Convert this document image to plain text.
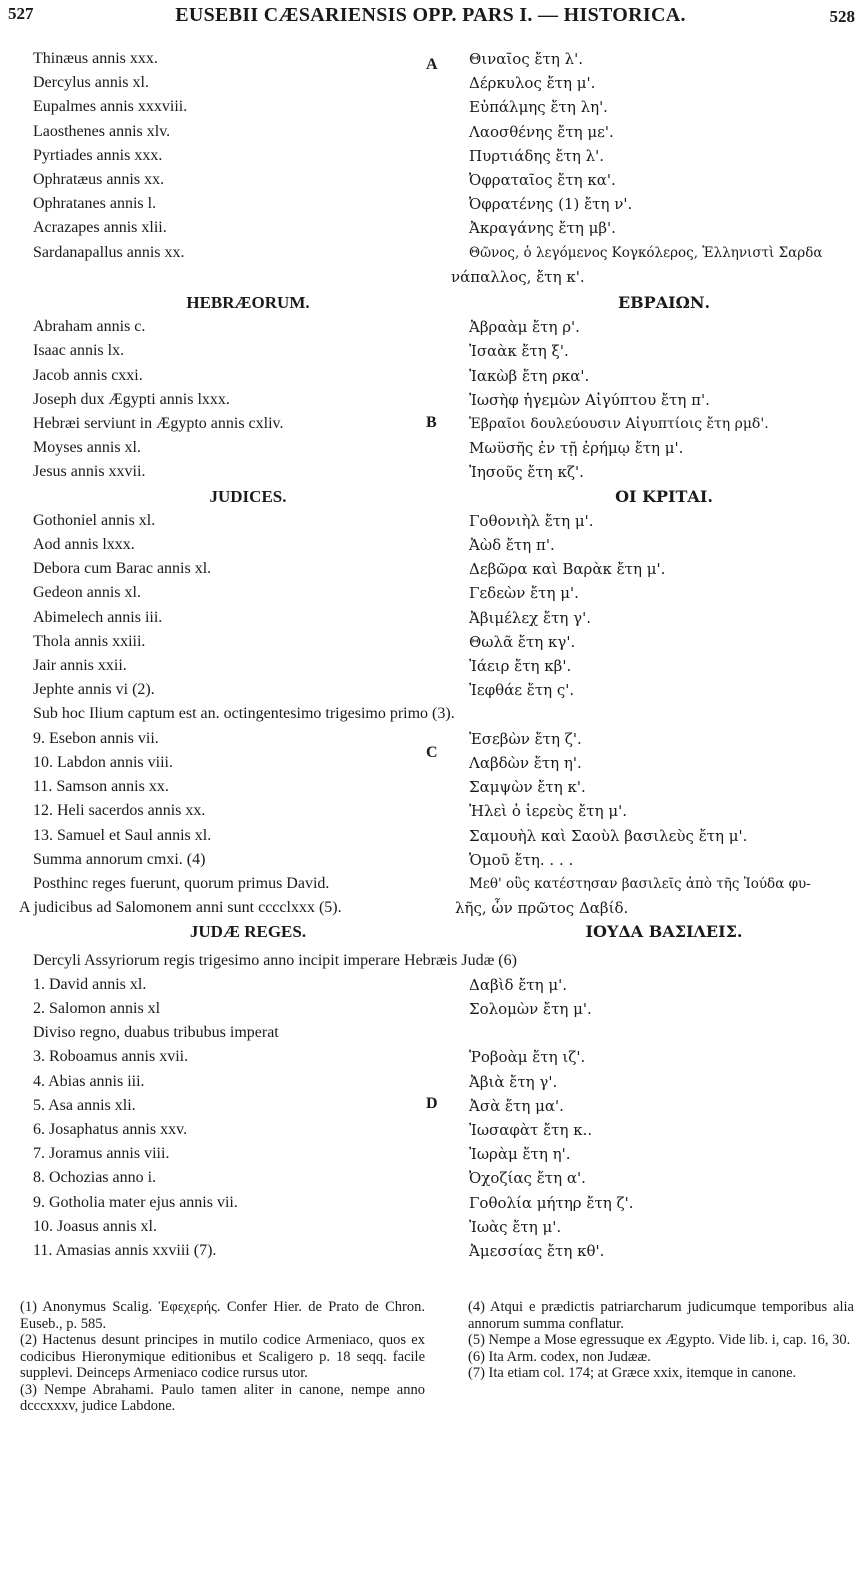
527	EUSEBII CÆSARIENSIS OPP. PARS I. — HISTORICA.	528
A
B
C
D
Thinæus annis xxx.
Dercylus annis xl.
Eupalmes annis xxxviii.
Laosthenes annis xlv.
Pyrtiades annis xxx.
Ophratæus annis xx.
Ophratanes annis l.
Acrazapes annis xlii.
Sardanapallus annis xx.

HEBRÆORUM.
Abraham annis c.
Isaac annis lx.
Jacob annis cxxi.
Joseph dux Ægypti annis lxxx.
Hebræi serviunt in Ægypto annis cxliv.
Moyses annis xl.
Jesus annis xxvii.
JUDICES.
Gothoniel annis xl.
Aod annis lxxx.
Debora cum Barac annis xl.
Gedeon annis xl.
Abimelech annis iii.
Thola annis xxiii.
Jair annis xxii.
Jephte annis vi (2).
Sub hoc Ilium captum est an. octingentesimo trigesimo primo (3).
9. Esebon annis vii.
10. Labdon annis viii.
11. Samson annis xx.
12. Heli sacerdos annis xx.
13. Samuel et Saul annis xl.
Summa annorum cmxi. (4)
Posthinc reges fuerunt, quorum primus David.
A judicibus ad Salomonem anni sunt cccclxxx (5).
JUDÆ REGES.
Dercyli Assyriorum regis trigesimo anno incipit imperare Hebræis Judæ (6)
1. David annis xl.
2. Salomon annis xl
Diviso regno, duabus tribubus imperat
3. Roboamus annis xvii.
4. Abias annis iii.
5. Asa annis xli.
6. Josaphatus annis xxv.
7. Joramus annis viii.
8. Ochozias anno i.
9. Gotholia mater ejus annis vii.
10. Joasus annis xl.
11. Amasias annis xxviii (7).
Θιναῖος ἔτη λ'.
Δέρκυλος ἔτη μ'.
Εὐπάλμης ἔτη λη'.
Λαοσθένης ἔτη με'.
Πυρτιάδης ἔτη λ'.
Ὀφραταῖος ἔτη κα'.
Ὀφρατένης (1) ἔτη ν'.
Ἀκραγάνης ἔτη μβ'.
Θῶνος, ὁ λεγόμενος Κογκόλερος, Ἑλληνιστὶ Σαρδα
νάπαλλος, ἔτη κ'.
ΕΒΡΑΙΩΝ.
Ἀβραὰμ ἔτη ρ'.
Ἰσαὰκ ἔτη ξ'.
Ἰακὼβ ἔτη ρκα'.
Ἰωσὴφ ἡγεμὼν Αἰγύπτου ἔτη π'.
Ἑβραῖοι δουλεύουσιν Αἰγυπτίοις ἔτη ρμδ'.
Μωϋσῆς ἐν τῇ ἐρήμῳ ἔτη μ'.
Ἰησοῦς ἔτη κζ'.
ΟΙ ΚΡΙΤΑΙ.
Γοθονιὴλ ἔτη μ'.
Ἀὼδ ἔτη π'.
Δεβῶρα καὶ Βαρὰκ ἔτη μ'.
Γεδεὼν ἔτη μ'.
Ἀβιμέλεχ ἔτη γ'.
Θωλᾶ ἔτη κγ'.
Ἰάειρ ἔτη κβ'.
Ἰεφθάε ἔτη ς'.

Ἐσεβὼν ἔτη ζ'.
Λαβδὼν ἔτη η'.
Σαμψὼν ἔτη κ'.
Ἠλεὶ ὁ ἱερεὺς ἔτη μ'.
Σαμουὴλ καὶ Σαοὺλ βασιλεὺς ἔτη μ'.
Ὁμοῦ ἔτη. . . .
Μεθ' οὓς κατέστησαν βασιλεῖς ἀπὸ τῆς Ἰούδα φυ-
λῆς, ὧν πρῶτος Δαβίδ.
ΙΟΥΔΑ ΒΑΣΙΛΕΙΣ.

Δαβὶδ ἔτη μ'.
Σολομὼν ἔτη μ'.

Ῥοβοὰμ ἔτη ιζ'.
Ἀβιὰ ἔτη γ'.
Ἀσὰ ἔτη μα'.
Ἰωσαφὰτ ἔτη κ..
Ἰωρὰμ ἔτη η'.
Ὀχοζίας ἔτη α'.
Γοθολία μήτηρ ἔτη ζ'.
Ἰωὰς ἔτη μ'.
Ἀμεσσίας ἔτη κθ'.
(1) Anonymus Scalig. Ἐφεχερής. Confer Hier. de Prato de Chron. Euseb., p. 585.
(2) Hactenus desunt principes in mutilo codice Armeniaco, quos ex codicibus Hieronymique editionibus et Scaligero p. 18 seqq. facile supplevi. Deinceps Armeniaco codice rursus utor.
(3) Nempe Abrahami. Paulo tamen aliter in canone, nempe anno dcccxxxv, judice Labdone.
(4) Atqui e prædictis patriarcharum judicumque temporibus alia annorum summa conflatur.
(5) Nempe a Mose egressuque ex Ægypto. Vide lib. i, cap. 16, 30.
(6) Ita Arm. codex, non Judææ.
(7) Ita etiam col. 174; at Græce xxix, itemque in canone.
